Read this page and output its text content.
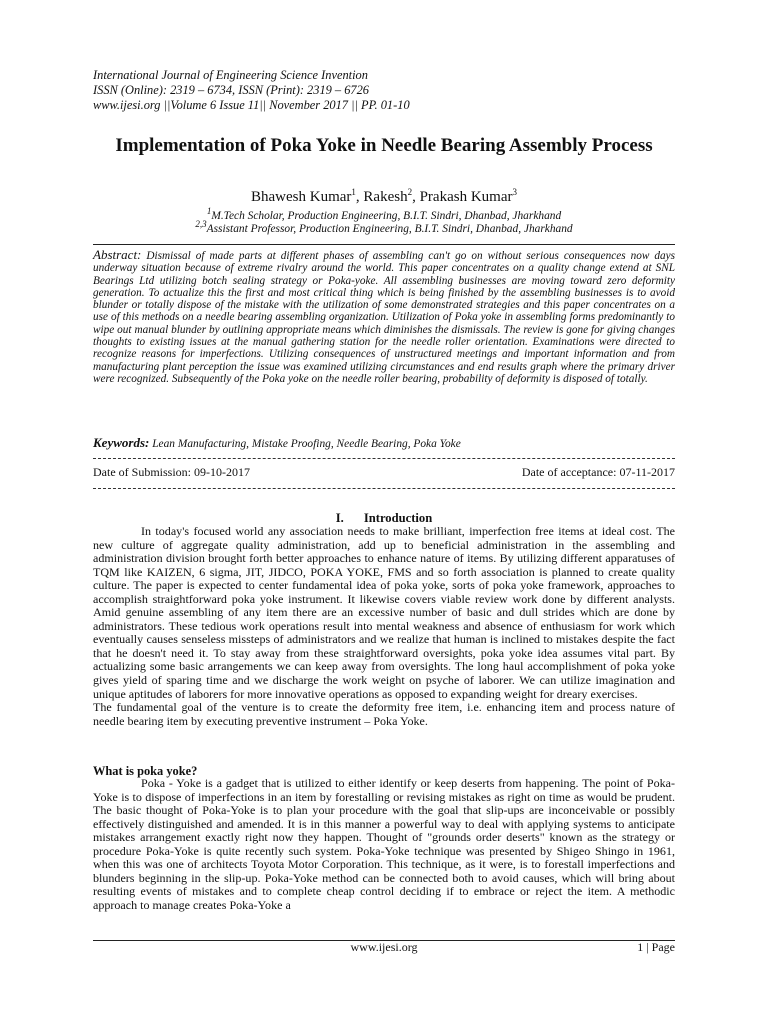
International Journal of Engineering Science Invention
ISSN (Online): 2319 – 6734, ISSN (Print): 2319 – 6726
www.ijesi.org ||Volume 6 Issue 11|| November 2017 || PP. 01-10
Implementation of Poka Yoke in Needle Bearing Assembly Process
Bhawesh Kumar$^1$, Rakesh$^2$, Prakash Kumar$^3$
$^1$M.Tech Scholar, Production Engineering, B.I.T. Sindri, Dhanbad, Jharkhand
$^{2,3}$Assistant Professor, Production Engineering, B.I.T. Sindri, Dhanbad, Jharkhand
Abstract: Dismissal of made parts at different phases of assembling can't go on without serious consequences now days underway situation because of extreme rivalry around the world. This paper concentrates on a quality change extend at SNL Bearings Ltd utilizing botch sealing strategy or Poka-yoke. All assembling businesses are moving toward zero deformity generation. To actualize this the first and most critical thing which is being finished by the assembling businesses is to avoid blunder or totally dispose of the mistake with the utilization of some demonstrated strategies and this paper concentrates on a use of this methods on a needle bearing assembling organization. Utilization of Poka yoke in assembling forms predominantly to wipe out manual blunder by outlining appropriate means which diminishes the dismissals. The review is gone for giving changes thoughts to existing issues at the manual gathering station for the needle roller orientation. Examinations were directed to recognize reasons for imperfections. Utilizing consequences of unstructured meetings and important information and from manufacturing plant perception the issue was examined utilizing circumstances and end results graph where the primary driver were recognized. Subsequently of the Poka yoke on the needle roller bearing, probability of deformity is disposed of totally.
Keywords: Lean Manufacturing, Mistake Proofing, Needle Bearing, Poka Yoke
Date of Submission: 09-10-2017	Date of acceptance: 07-11-2017
I. Introduction

In today's focused world any association needs to make brilliant, imperfection free items at ideal cost. The new culture of aggregate quality administration, add up to beneficial administration in the assembling and administration division brought forth better approaches to enhance nature of items. By utilizing different apparatuses of TQM like KAIZEN, 6 sigma, JIT, JIDCO, POKA YOKE, FMS and so forth association is planned to create quality culture. The paper is expected to center fundamental idea of poka yoke, sorts of poka yoke framework, approaches to accomplish straightforward poka yoke instrument. It likewise covers viable review work done by different analysts. Amid genuine assembling of any item there are an excessive number of basic and dull strides which are done by administrators. These tedious work operations result into mental weakness and absence of enthusiasm for work which eventually causes senseless missteps of administrators and we realize that human is inclined to mistakes despite the fact that he doesn't need it. To stay away from these straightforward oversights, poka yoke idea assumes vital part. By actualizing some basic arrangements we can keep away from oversights. The long haul accomplishment of poka yoke gives yield of sparing time and we discharge the work weight on psyche of laborer. We can utilize imagination and unique aptitudes of laborers for more innovative operations as opposed to expanding weight for dreary exercises.

The fundamental goal of the venture is to create the deformity free item, i.e. enhancing item and process nature of needle bearing item by executing preventive instrument – Poka Yoke.

What is poka yoke?

Poka - Yoke is a gadget that is utilized to either identify or keep deserts from happening. The point of Poka-Yoke is to dispose of imperfections in an item by forestalling or revising mistakes as right on time as would be prudent. The basic thought of Poka-Yoke is to plan your procedure with the goal that slip-ups are inconceivable or possibly effectively distinguished and amended. It is in this manner a powerful way to deal with applying systems to anticipate mistakes arrangement exactly right now they happen. Thought of "grounds order deserts" known as the strategy or procedure Poka-Yoke is quite recently such system. Poka-Yoke technique was presented by Shigeo Shingo in 1961, when this was one of architects Toyota Motor Corporation. This technique, as it were, is to forestall imperfections and blunders beginning in the slip-up. Poka-Yoke method can be connected both to avoid causes, which will bring about resulting events of mistakes and to complete cheap control deciding if to embrace or reject the item. A methodic approach to manage creates Poka-Yoke a

www.ijesi.org	1 | Page
